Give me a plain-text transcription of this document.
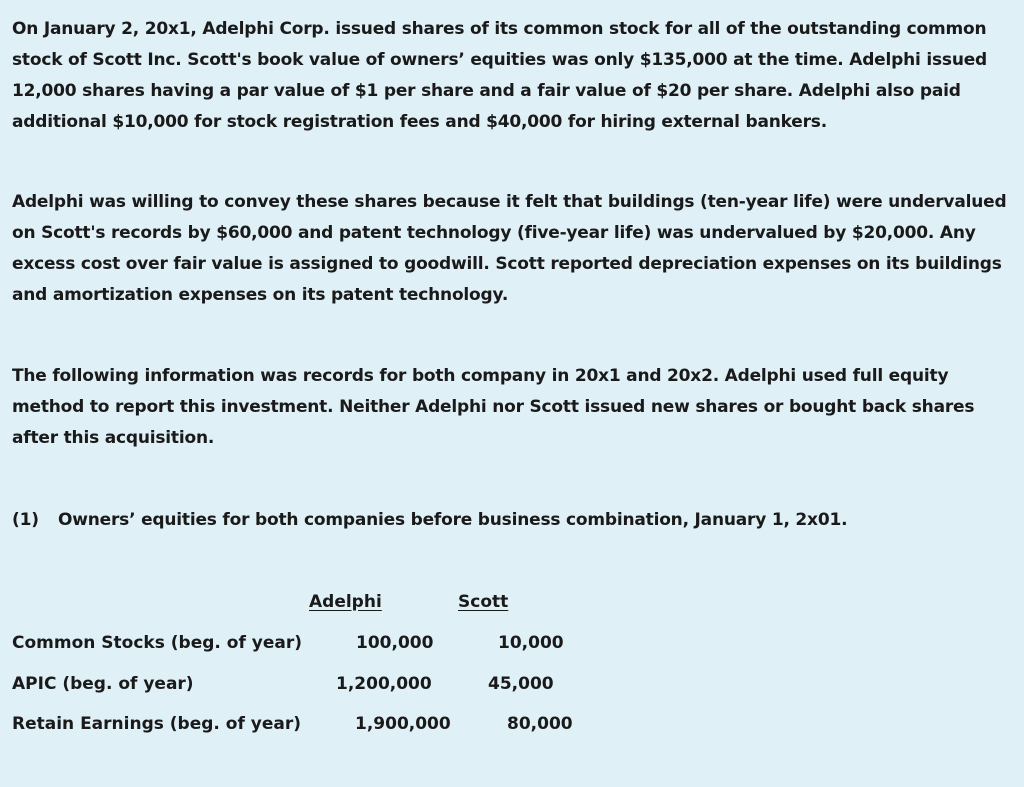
On January 2, 20x1, Adelphi Corp. issued shares of its common stock for all of the outstanding common stock of Scott Inc. Scott's book value of owners’ equities was only $135,000 at the time. Adelphi issued 12,000 shares having a par value of $1 per share and a fair value of $20 per share. Adelphi also paid additional $10,000 for stock registration fees and $40,000 for hiring external bankers.

Adelphi was willing to convey these shares because it felt that buildings (ten-year life) were undervalued on Scott's records by $60,000 and patent technology (five-year life) was undervalued by $20,000. Any excess cost over fair value is assigned to goodwill. Scott reported depreciation expenses on its buildings and amortization expenses on its patent technology.

The following information was records for both company in 20x1 and 20x2. Adelphi used full equity method to report this investment. Neither Adelphi nor Scott issued new shares or bought back shares after this acquisition.

(1) Owners’ equities for both companies before business combination, January 1, 2x01.
Adelphi	Scott
Common Stocks (beg. of year)	100,000	10,000
APIC (beg. of year)	1,200,000	45,000
Retain Earnings (beg. of year)	1,900,000	80,000
